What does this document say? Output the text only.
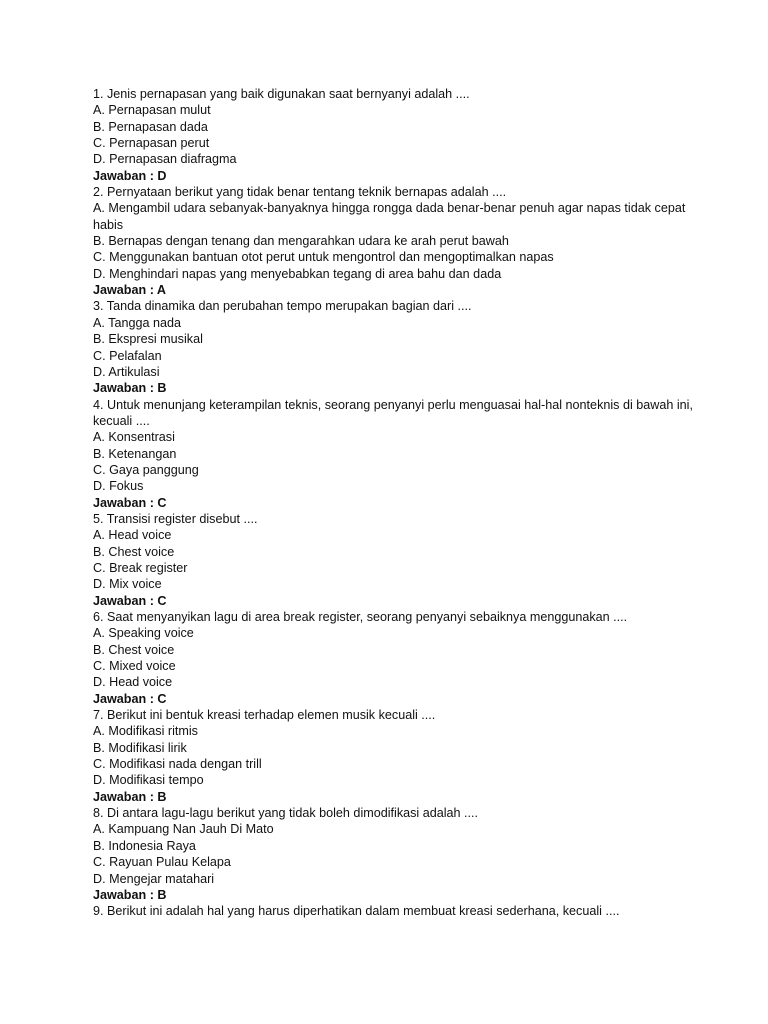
1. Jenis pernapasan yang baik digunakan saat bernyanyi adalah ....

A. Pernapasan mulut

B. Pernapasan dada

C. Pernapasan perut

D. Pernapasan diafragma

Jawaban : D

2. Pernyataan berikut yang tidak benar tentang teknik bernapas adalah ....

A. Mengambil udara sebanyak-banyaknya hingga rongga dada benar-benar penuh agar napas tidak cepat habis

B. Bernapas dengan tenang dan mengarahkan udara ke arah perut bawah

C. Menggunakan bantuan otot perut untuk mengontrol dan mengoptimalkan napas

D. Menghindari napas yang menyebabkan tegang di area bahu dan dada

Jawaban : A

3. Tanda dinamika dan perubahan tempo merupakan bagian dari ....

A. Tangga nada

B. Ekspresi musikal

C. Pelafalan

D. Artikulasi

Jawaban : B

4. Untuk menunjang keterampilan teknis, seorang penyanyi perlu menguasai hal-hal nonteknis di bawah ini, kecuali ....

A. Konsentrasi

B. Ketenangan

C. Gaya panggung

D. Fokus

Jawaban : C

5. Transisi register disebut ....

A. Head voice

B. Chest voice

C. Break register

D. Mix voice

Jawaban : C

6. Saat menyanyikan lagu di area break register, seorang penyanyi sebaiknya menggunakan ....

A. Speaking voice

B. Chest voice

C. Mixed voice

D. Head voice

Jawaban : C

7. Berikut ini bentuk kreasi terhadap elemen musik kecuali ....

A. Modifikasi ritmis

B. Modifikasi lirik

C. Modifikasi nada dengan trill

D. Modifikasi tempo

Jawaban : B

8. Di antara lagu-lagu berikut yang tidak boleh dimodifikasi adalah ....

A. Kampuang Nan Jauh Di Mato

B. Indonesia Raya

C. Rayuan Pulau Kelapa

D. Mengejar matahari

Jawaban : B

9. Berikut ini adalah hal yang harus diperhatikan dalam membuat kreasi sederhana, kecuali ....
